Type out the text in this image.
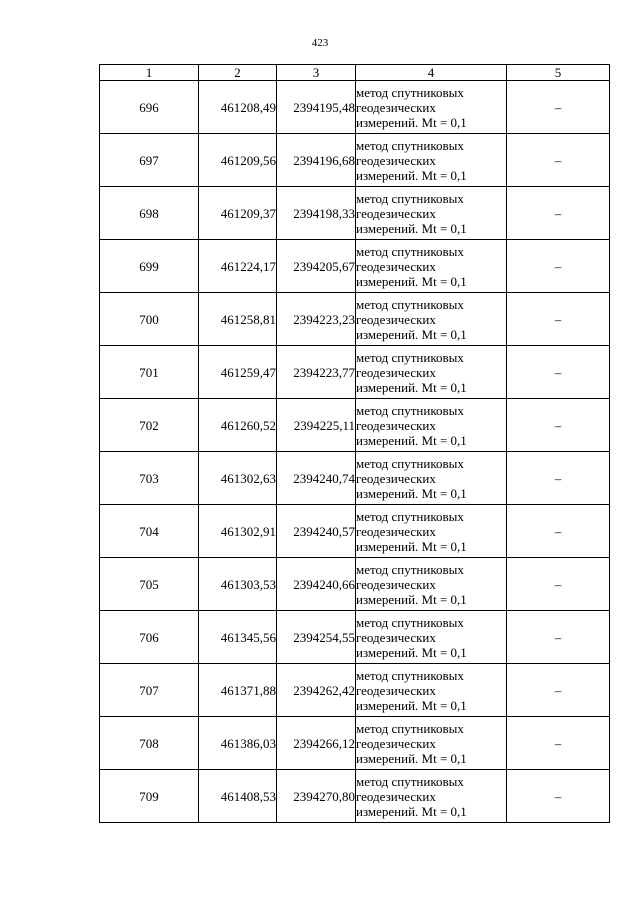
423
1	2	3	4	5
696	461208,49	2394195,48	метод спутниковых
геодезических
измерений. Mt = 0,1	–
697	461209,56	2394196,68	метод спутниковых
геодезических
измерений. Mt = 0,1	–
698	461209,37	2394198,33	метод спутниковых
геодезических
измерений. Mt = 0,1	–
699	461224,17	2394205,67	метод спутниковых
геодезических
измерений. Mt = 0,1	–
700	461258,81	2394223,23	метод спутниковых
геодезических
измерений. Mt = 0,1	–
701	461259,47	2394223,77	метод спутниковых
геодезических
измерений. Mt = 0,1	–
702	461260,52	2394225,11	метод спутниковых
геодезических
измерений. Mt = 0,1	–
703	461302,63	2394240,74	метод спутниковых
геодезических
измерений. Mt = 0,1	–
704	461302,91	2394240,57	метод спутниковых
геодезических
измерений. Mt = 0,1	–
705	461303,53	2394240,66	метод спутниковых
геодезических
измерений. Mt = 0,1	–
706	461345,56	2394254,55	метод спутниковых
геодезических
измерений. Mt = 0,1	–
707	461371,88	2394262,42	метод спутниковых
геодезических
измерений. Mt = 0,1	–
708	461386,03	2394266,12	метод спутниковых
геодезических
измерений. Mt = 0,1	–
709	461408,53	2394270,80	метод спутниковых
геодезических
измерений. Mt = 0,1	–
